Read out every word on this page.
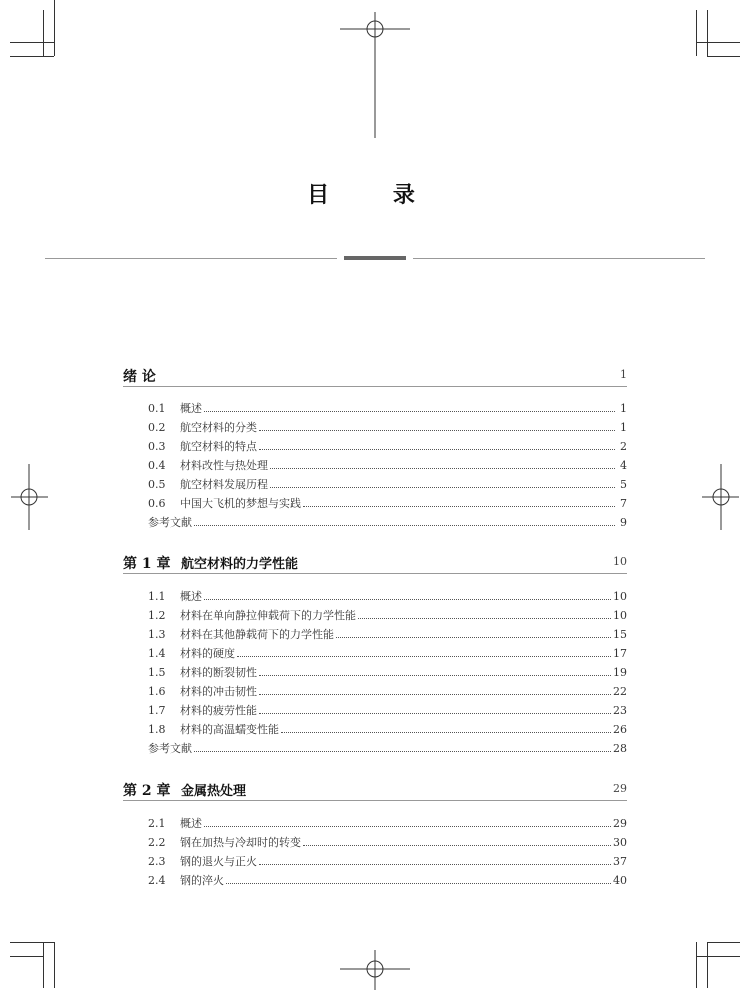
目 录
绪 论	1
0.1	概述	1
0.2	航空材料的分类	1
0.3	航空材料的特点	2
0.4	材料改性与热处理	4
0.5	航空材料发展历程	5
0.6	中国大飞机的梦想与实践	7
参考文献	9
第 1 章 航空材料的力学性能	10
1.1	概述	10
1.2	材料在单向静拉伸载荷下的力学性能	10
1.3	材料在其他静载荷下的力学性能	15
1.4	材料的硬度	17
1.5	材料的断裂韧性	19
1.6	材料的冲击韧性	22
1.7	材料的疲劳性能	23
1.8	材料的高温蠕变性能	26
参考文献	28
第 2 章 金属热处理	29
2.1	概述	29
2.2	钢在加热与冷却时的转变	30
2.3	钢的退火与正火	37
2.4	钢的淬火	40
